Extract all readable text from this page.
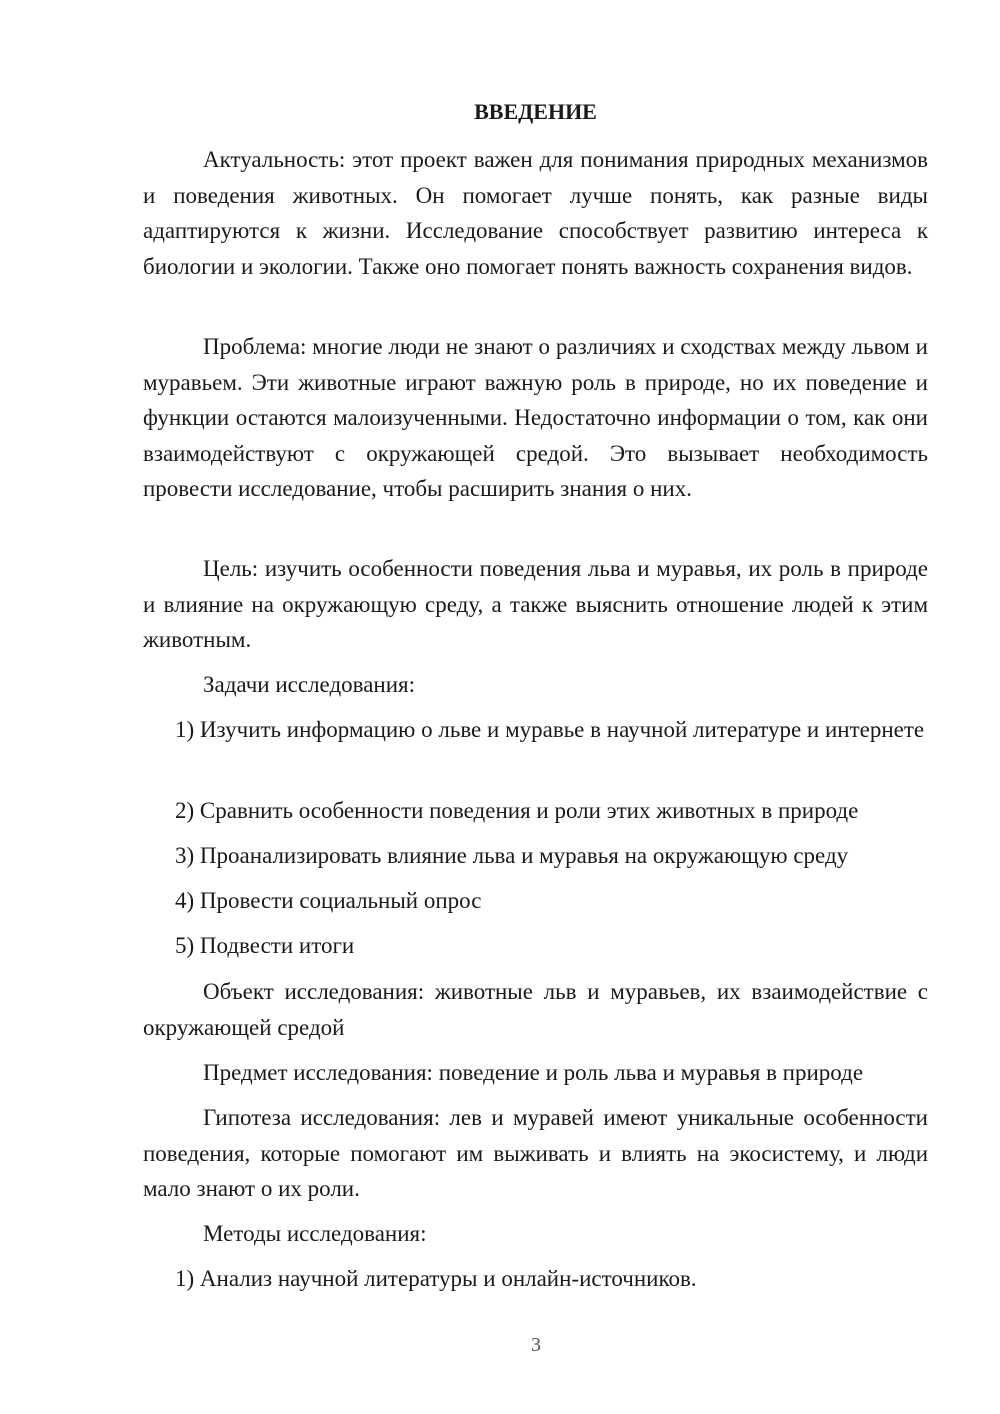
ВВЕДЕНИЕ
Актуальность: этот проект важен для понимания природных механизмов и поведения животных. Он помогает лучше понять, как разные виды адаптируются к жизни. Исследование способствует развитию интереса к биологии и экологии. Также оно помогает понять важность сохранения видов.
Проблема: многие люди не знают о различиях и сходствах между львом и муравьем. Эти животные играют важную роль в природе, но их поведение и функции остаются малоизученными. Недостаточно информации о том, как они взаимодействуют с окружающей средой. Это вызывает необходимость провести исследование, чтобы расширить знания о них.
Цель: изучить особенности поведения льва и муравья, их роль в природе и влияние на окружающую среду, а также выяснить отношение людей к этим животным.
Задачи исследования:
1) Изучить информацию о льве и муравье в научной литературе и интернете
2) Сравнить особенности поведения и роли этих животных в природе
3) Проанализировать влияние льва и муравья на окружающую среду
4) Провести социальный опрос
5) Подвести итоги
Объект исследования: животные льв и муравьев, их взаимодействие с окружающей средой
Предмет исследования: поведение и роль льва и муравья в природе
Гипотеза исследования: лев и муравей имеют уникальные особенности поведения, которые помогают им выживать и влиять на экосистему, и люди мало знают о их роли.
Методы исследования:
1) Анализ научной литературы и онлайн-источников.
3
